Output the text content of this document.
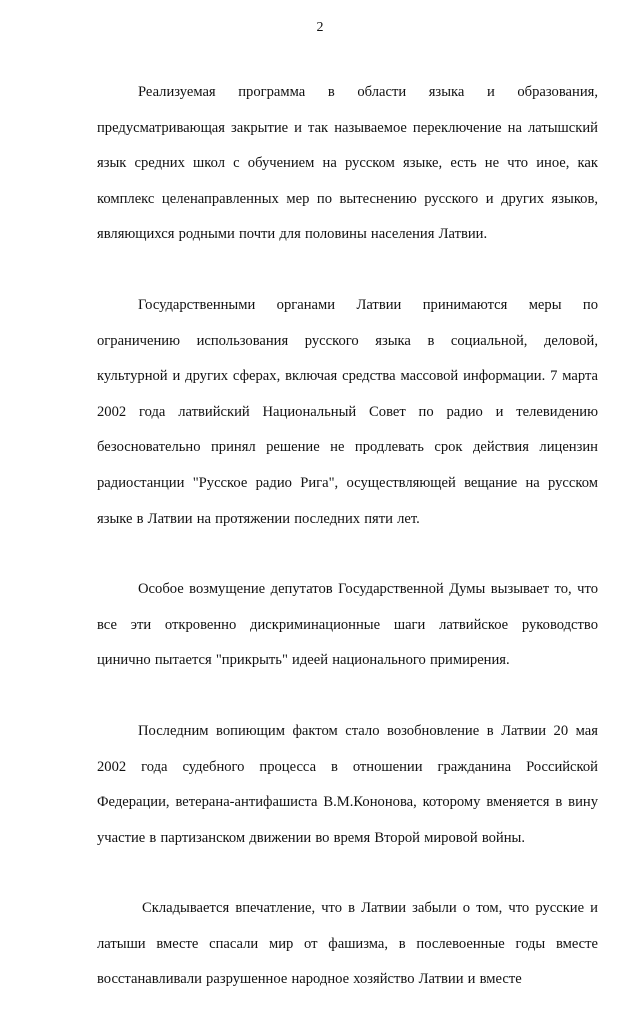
2

Реализуемая программа в области языка и образования, предусматривающая закрытие и так называемое переключение на латышский язык средних школ с обучением на русском языке, есть не что иное, как комплекс целенаправленных мер по вытеснению русского и других языков, являющихся родными почти для половины населения Латвии.

Государственными органами Латвии принимаются меры по ограничению использования русского языка в социальной, деловой, культурной и других сферах, включая средства массовой информации. 7 марта 2002 года латвийский Национальный Совет по радио и телевидению безосновательно принял решение не продлевать срок действия лицензин радиостанции "Русское радио Рига", осуществляющей вещание на русском языке в Латвии на протяжении последних пяти лет.

Особое возмущение депутатов Государственной Думы вызывает то, что все эти откровенно дискриминационные шаги латвийское руководство цинично пытается "прикрыть" идеей национального примирения.

Последним вопиющим фактом стало возобновление в Латвии 20 мая 2002 года судебного процесса в отношении гражданина Российской Федерации, ветерана-антифашиста В.М.Кононова, которому вменяется в вину участие в партизанском движении во время Второй мировой войны.

Складывается впечатление, что в Латвии забыли о том, что русские и латыши вместе спасали мир от фашизма, в послевоенные годы вместе восстанавливали разрушенное народное хозяйство Латвии и вместе
